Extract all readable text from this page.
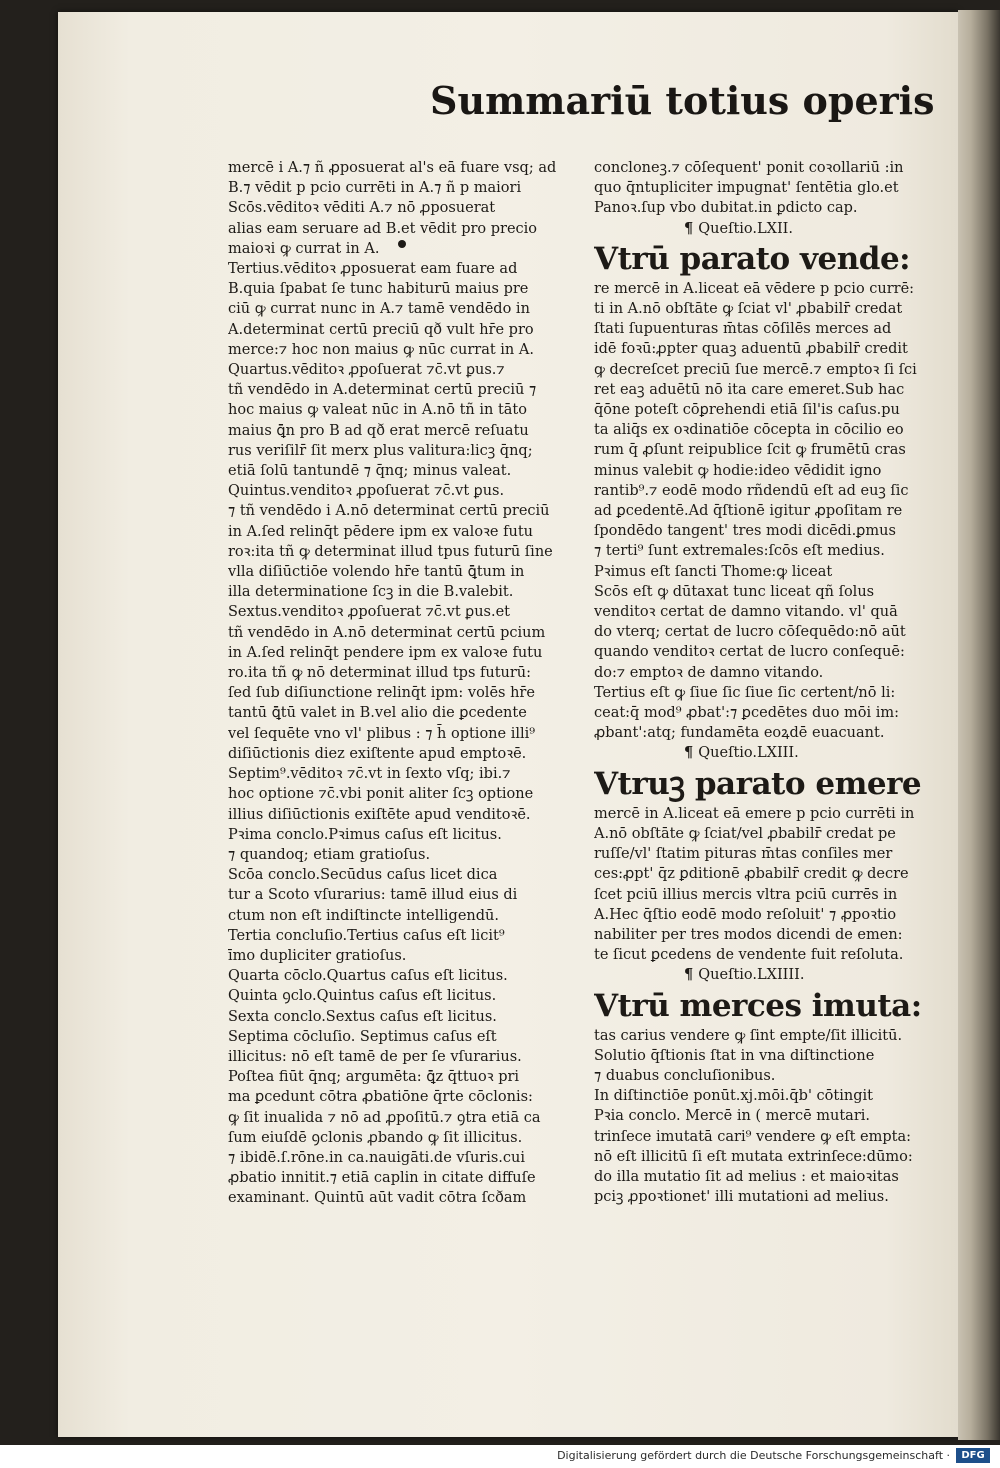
Summariū totius operis
mercē i A.⁊ ñ ꝓposuerat al's eā fuare vsq; ad
B.⁊ vēdit p pcio currēti in A.⁊ ñ p maiori
Scōs.vēditoꝛ vēditi A.⁊ nō ꝓposuerat
alias eam seruare ad B.et vēdit pro precio
maioꝛi ꝙ currat in A.
Tertius.vēditoꝛ ꝓposuerat eam fuare ad
B.quia ſpabat ſe tunc habiturū maius pre
ciū ꝙ currat nunc in A.⁊ tamē vendēdo in
A.determinat certū preciū qð vult hr̄e pro
merce:⁊ hoc non maius ꝙ nūc currat in A.
Quartus.vēditoꝛ ꝓpoſuerat ⁊c̄.vt ꝑus.⁊
tñ vendēdo in A.determinat certū preciū ⁊
hoc maius ꝙ valeat nūc in A.nō tñ in tāto
maius ꝗ̄n pro B ad qð erat mercē reſuatu
rus veriſilr̄ ſit merx plus valitura:licꝫ q̄nq;
etiā ſolū tantundē ⁊ q̄nq; minus valeat.
Quintus.venditoꝛ ꝓpoſuerat ⁊c̄.vt ꝑus.
⁊ tñ vendēdo i A.nō determinat certū preciū
in A.ſed relinq̄t pēdere ipm ex valoꝛe futu
roꝛ:ita tñ ꝙ determinat illud tpus futurū ſine
vlla diſiūctiōe volendo hr̄e tantū ꝗ̄tum in
illa determinatione ſcꝫ in die B.valebit.
Sextus.venditoꝛ ꝓpoſuerat ⁊c̄.vt ꝑus.et
tñ vendēdo in A.nō determinat certū pcium
in A.ſed relinq̄t pendere ipm ex valoꝛe futu
ro.ita tñ ꝙ nō determinat illud tps futurū:
ſed ſub diſiunctione relinq̄t ipm: volēs hr̄e
tantū ꝗ̄tū valet in B.vel alio die ꝑcedente
vel ſequēte vno vl' plibus : ⁊ h̄ optione illi⁹
diſiūctionis diez exiſtente apud emptoꝛē.
Septim⁹.vēditoꝛ ⁊c̄.vt in ſexto vſq; ibi.⁊
hoc optione ⁊c̄.vbi ponit aliter ſcꝫ optione
illius diſiūctionis exiſtēte apud venditoꝛē.
Pꝛima conclo.Pꝛimus caſus eſt licitus.
⁊ quandoq; etiam gratioſus.
Scōa conclo.Secūdus caſus licet dica
tur a Scoto vſurarius: tamē illud eius di
ctum non eſt indiſtincte intelligendū.
Tertia concluſio.Tertius caſus eſt licit⁹
īmo dupliciter gratioſus.
Quarta cōclo.Quartus caſus eſt licitus.
Quinta ꝯclo.Quintus caſus eſt licitus.
Sexta conclo.Sextus caſus eſt licitus.
Septima cōcluſio. Septimus caſus eſt
illicitus: nō eſt tamē de per ſe vſurarius.
Poſtea fiūt q̄nq; argumēta: ꝗ̄z q̄ttuoꝛ pri
ma ꝑcedunt cōtra ꝓbatiōne q̄rte cōclonis:
ꝙ ſit inualida ⁊ nō ad ꝓpoſitū.⁊ ꝯtra etiā ca
ſum eiuſdē ꝯclonis ꝓbando ꝙ ſit illicitus.
⁊ ibidē.ſ.rōne.in ca.nauigāti.de vſuris.cui
ꝓbatio innitit.⁊ etiā caplin in citate diffuſe
examinant. Quintū aūt vadit cōtra ſcðam
concloneꝫ.⁊ cōſequent' ponit coꝛollariū :in
quo q̄ntupliciter impugnat' ſentētia glo.et
Panoꝛ.ſup vbo dubitat.in ꝑdicto cap.
¶ Queſtio.LXII.
Vtrū parato vende:
re mercē in A.liceat eā vēdere p pcio currē:
ti in A.nō obſtāte ꝙ ſciat vl' ꝓbabilr̄ credat
ſtati ſupuenturas m̄tas cōſilēs merces ad
idē foꝛū:ꝓpter quaꝫ aduentū ꝓbabilr̄ credit
ꝙ decreſcet preciū ſue mercē.⁊ emptoꝛ ſi ſci
ret eaꝫ aduētū nō ita care emeret.Sub hac
q̄ōne poteſt cōꝑrehendi etiā ſil'is caſus.pu
ta aliq̄s ex oꝛdinatiōe cōcepta in cōcilio eo
rum q̄ ꝓſunt reipublice ſcit ꝙ frumētū cras
minus valebit ꝙ hodie:ideo vēdidit igno
rantib⁹.⁊ eodē modo rñdendū eſt ad euꝫ ſic
ad ꝑcedentē.Ad q̄ſtionē igitur ꝓpoſitam re
ſpondēdo tangent' tres modi dicēdi.ꝑmus
⁊ terti⁹ ſunt extremales:ſcōs eſt medius.
Pꝛimus eſt ſancti Thome:ꝙ liceat
Scōs eſt ꝙ dūtaxat tunc liceat qñ ſolus
venditoꝛ certat de damno vitando. vl' quā
do vterq; certat de lucro cōſequēdo:nō aūt
quando venditoꝛ certat de lucro conſequē:
do:⁊ emptoꝛ de damno vitando.
Tertius eſt ꝙ ſiue ſic ſiue ſic certent/nō li:
ceat:q̄ mod⁹ ꝓbat':⁊ ꝑcedētes duo mōi im:
ꝓbant':atq; fundamēta eoꝝdē euacuant.
¶ Queſtio.LXIII.
Vtruꝫ parato emere
mercē in A.liceat eā emere p pcio currēti in
A.nō obſtāte ꝙ ſciat/vel ꝓbabilr̄ credat pe
ruſſe/vl' ſtatim pituras m̄tas conſiles mer
ces:ꝓpt' q̄z ꝑditionē ꝓbabilr̄ credit ꝙ decre
ſcet pciū illius mercis vltra pciū currēs in
A.Hec q̄ſtio eodē modo reſoluit' ⁊ ꝓpoꝛtio
nabiliter per tres modos dicendi de emen:
te ſicut ꝑcedens de vendente fuit reſoluta.
¶ Queſtio.LXIIII.
Vtrū merces imuta:
tas carius vendere ꝙ ſint empte/ſit illicitū.
Solutio q̄ſtionis ſtat in vna diſtinctione
⁊ duabus concluſionibus.
In diſtinctiōe ponūt.xj.mōi.q̄b' cōtingit
Pꝛia conclo. Mercē in ( mercē mutari.
trinſece imutatā cari⁹ vendere ꝙ eſt empta:
nō eſt illicitū ſi eſt mutata extrinſece:dūmo:
do illa mutatio ſit ad melius : et maioꝛitas
pciꝫ ꝓpoꝛtionet' illi mutationi ad melius.
Digitalisierung gefördert durch die Deutsche Forschungsgemeinschaft ·	DFG
